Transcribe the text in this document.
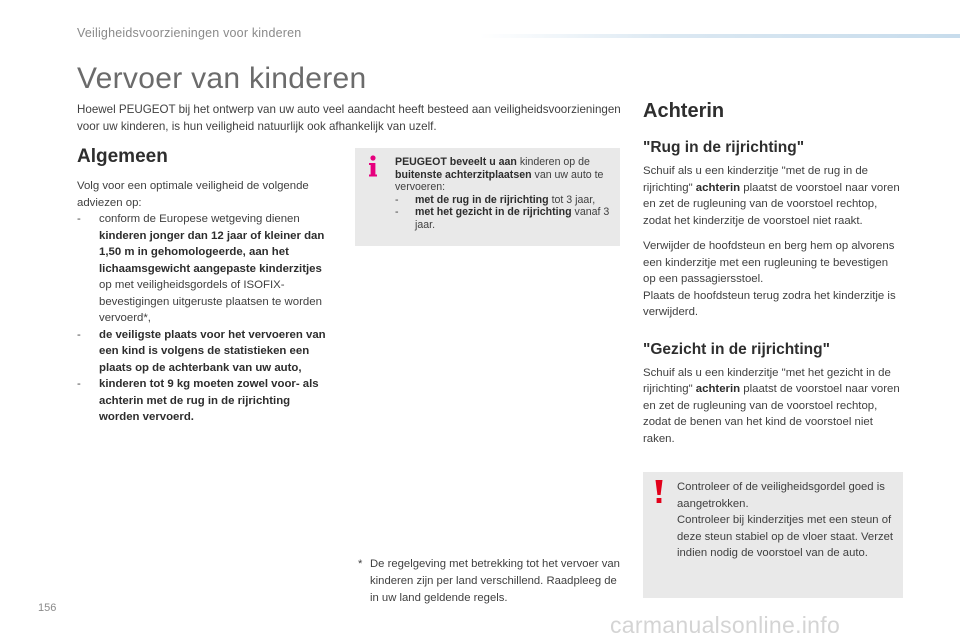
Veiligheidsvoorzieningen voor kinderen
Vervoer van kinderen
Hoewel PEUGEOT bij het ontwerp van uw auto veel aandacht heeft besteed aan veiligheidsvoorzieningen voor uw kinderen, is hun veiligheid natuurlijk ook afhankelijk van uzelf.
Algemeen

Volg voor een optimale veiligheid de volgende adviezen op:

- conform de Europese wetgeving dienen kinderen jonger dan 12 jaar of kleiner dan 1,50 m in gehomologeerde, aan het lichaamsgewicht aangepaste kinderzitjes op met veiligheidsgordels of ISOFIX-bevestigingen uitgeruste plaatsen te worden vervoerd*,
- de veiligste plaats voor het vervoeren van een kind is volgens de statistieken een plaats op de achterbank van uw auto,
- kinderen tot 9 kg moeten zowel voor- als achterin met de rug in de rijrichting worden vervoerd.

PEUGEOT beveelt u aan kinderen op de buitenste achterzitplaatsen van uw auto te vervoeren:

- met de rug in de rijrichting tot 3 jaar,
- met het gezicht in de rijrichting vanaf 3 jaar.
* De regelgeving met betrekking tot het vervoer van kinderen zijn per land verschillend. Raadpleeg de in uw land geldende regels.
Achterin
"Rug in de rijrichting"

Schuif als u een kinderzitje "met de rug in de rijrichting" achterin plaatst de voorstoel naar voren en zet de rugleuning van de voorstoel rechtop, zodat het kinderzitje de voorstoel niet raakt.

Verwijder de hoofdsteun en berg hem op alvorens een kinderzitje met een rugleuning te bevestigen op een passagiersstoel.

Plaats de hoofdsteun terug zodra het kinderzitje is verwijderd.

"Gezicht in de rijrichting"

Schuif als u een kinderzitje "met het gezicht in de rijrichting" achterin plaatst de voorstoel naar voren en zet de rugleuning van de voorstoel rechtop, zodat de benen van het kind de voorstoel niet raken.

Controleer of de veiligheidsgordel goed is aangetrokken.

Controleer bij kinderzitjes met een steun of deze steun stabiel op de vloer staat. Verzet indien nodig de voorstoel van de auto.

156
carmanualsonline.info
